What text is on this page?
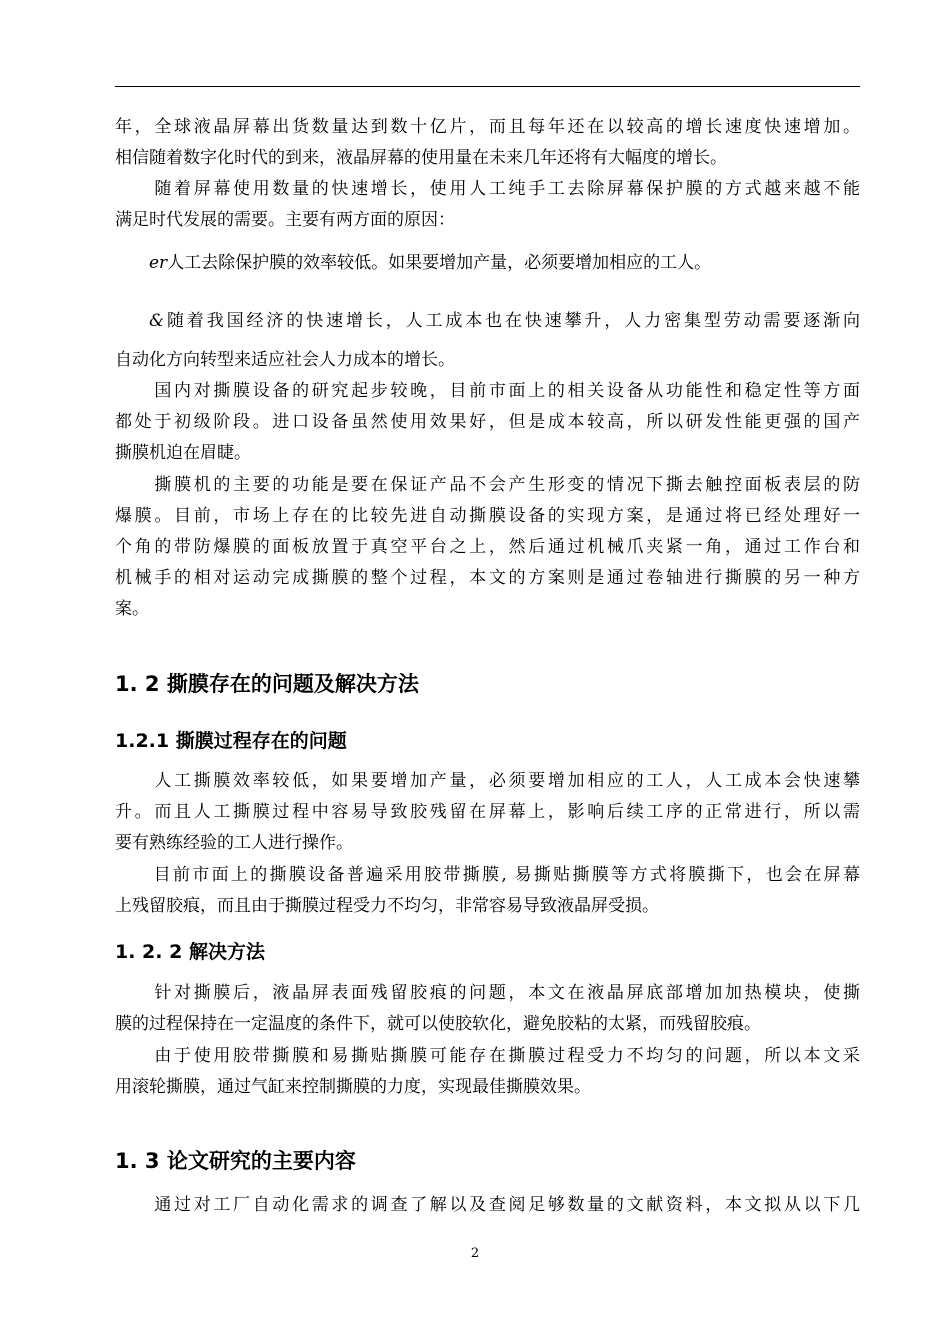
年，全球液晶屏幕出货数量达到数十亿片，而且每年还在以较高的增长速度快速增加。

相信随着数字化时代的到来，液晶屏幕的使用量在未来几年还将有大幅度的增长。

　　随着屏幕使用数量的快速增长，使用人工纯手工去除屏幕保护膜的方式越来越不能

满足时代发展的需要。主要有两方面的原因：

er人工去除保护膜的效率较低。如果要增加产量，必须要增加相应的工人。

&随着我国经济的快速增长，人工成本也在快速攀升，人力密集型劳动需要逐渐向

自动化方向转型来适应社会人力成本的增长。

　　国内对撕膜设备的研究起步较晚，目前市面上的相关设备从功能性和稳定性等方面

都处于初级阶段。进口设备虽然使用效果好，但是成本较高，所以研发性能更强的国产

撕膜机迫在眉睫。

　　撕膜机的主要的功能是要在保证产品不会产生形变的情况下撕去触控面板表层的防

爆膜。目前，市场上存在的比较先进自动撕膜设备的实现方案，是通过将已经处理好一

个角的带防爆膜的面板放置于真空平台之上，然后通过机械爪夹紧一角，通过工作台和

机械手的相对运动完成撕膜的整个过程，本文的方案则是通过卷轴进行撕膜的另一种方

案。

1. 2 撕膜存在的问题及解决方法
1.2.1 撕膜过程存在的问题

　　人工撕膜效率较低，如果要增加产量，必须要增加相应的工人，人工成本会快速攀

升。而且人工撕膜过程中容易导致胶残留在屏幕上，影响后续工序的正常进行，所以需

要有熟练经验的工人进行操作。

　　目前市面上的撕膜设备普遍采用胶带撕膜, 易撕贴撕膜等方式将膜撕下，也会在屏幕

上残留胶痕，而且由于撕膜过程受力不均匀，非常容易导致液晶屏受损。

1. 2. 2 解决方法

　　针对撕膜后，液晶屏表面残留胶痕的问题，本文在液晶屏底部增加加热模块，使撕

膜的过程保持在一定温度的条件下，就可以使胶软化，避免胶粘的太紧，而残留胶痕。

　　由于使用胶带撕膜和易撕贴撕膜可能存在撕膜过程受力不均匀的问题，所以本文采

用滚轮撕膜，通过气缸来控制撕膜的力度，实现最佳撕膜效果。

1. 3 论文研究的主要内容

　　通过对工厂自动化需求的调查了解以及查阅足够数量的文献资料，本文拟从以下几

2
